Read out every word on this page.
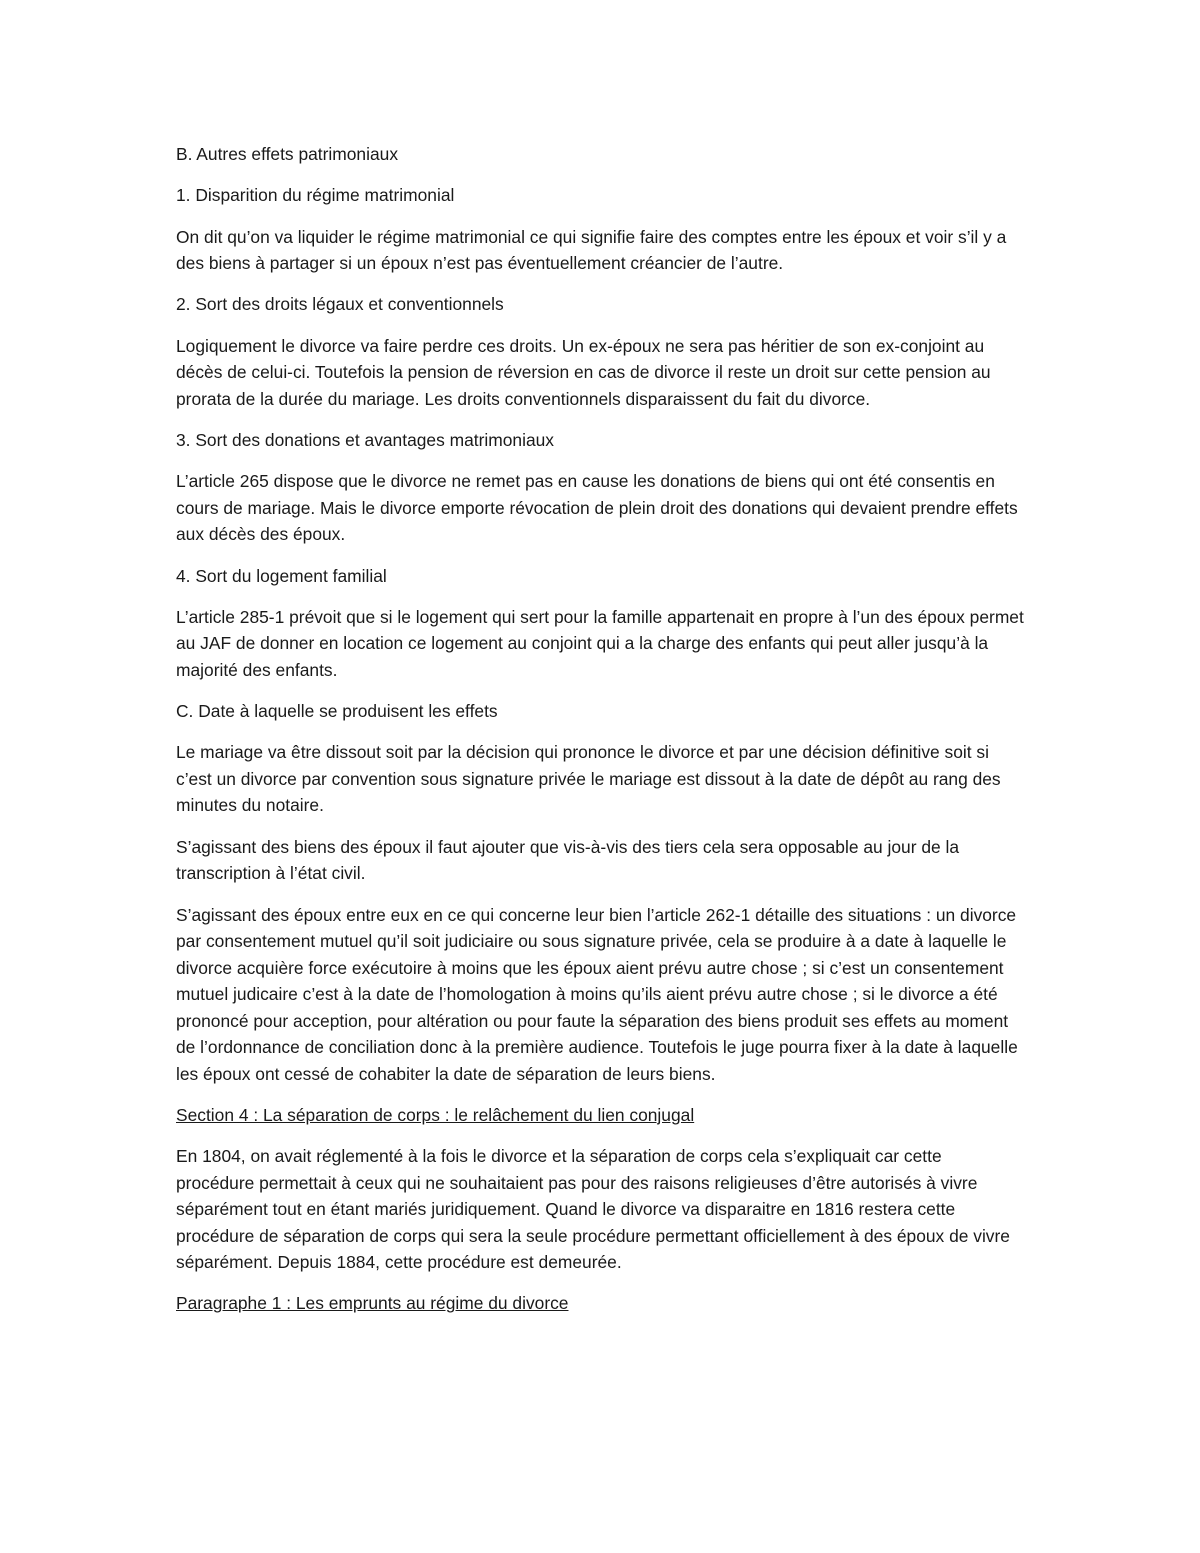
B. Autres effets patrimoniaux

1. Disparition du régime matrimonial

On dit qu’on va liquider le régime matrimonial ce qui signifie faire des comptes entre les époux et voir s’il y a des biens à partager si un époux n’est pas éventuellement créancier de l’autre.

2. Sort des droits légaux et conventionnels

Logiquement le divorce va faire perdre ces droits. Un ex-époux ne sera pas héritier de son ex-conjoint au décès de celui-ci. Toutefois la pension de réversion en cas de divorce il reste un droit sur cette pension au prorata de la durée du mariage. Les droits conventionnels disparaissent du fait du divorce.

3. Sort des donations et avantages matrimoniaux

L’article 265 dispose que le divorce ne remet pas en cause les donations de biens qui ont été consentis en cours de mariage. Mais le divorce emporte révocation de plein droit des donations qui devaient prendre effets aux décès des époux.

4. Sort du logement familial

L’article 285-1 prévoit que si le logement qui sert pour la famille appartenait en propre à l’un des époux permet au JAF de donner en location ce logement au conjoint qui a la charge des enfants qui peut aller jusqu’à la majorité des enfants.

C. Date à laquelle se produisent les effets

Le mariage va être dissout soit par la décision qui prononce le divorce et par une décision définitive soit si c’est un divorce par convention sous signature privée le mariage est dissout à la date de dépôt au rang des minutes du notaire.

S’agissant des biens des époux il faut ajouter que vis-à-vis des tiers cela sera opposable au jour de la transcription à l’état civil.

S’agissant des époux entre eux en ce qui concerne leur bien l’article 262-1 détaille des situations : un divorce par consentement mutuel qu’il soit judiciaire ou sous signature privée, cela se produire à a date à laquelle le divorce acquière force exécutoire à moins que les époux aient prévu autre chose ; si c’est un consentement mutuel judicaire c’est à la date de l’homologation à moins qu’ils aient prévu autre chose ; si le divorce a été prononcé pour acception, pour altération ou pour faute la séparation des biens produit ses effets au moment de l’ordonnance de conciliation donc à la première audience. Toutefois le juge pourra fixer à la date à laquelle les époux ont cessé de cohabiter la date de séparation de leurs biens.

Section 4 : La séparation de corps : le relâchement du lien conjugal

En 1804, on avait réglementé à la fois le divorce et la séparation de corps cela s’expliquait car cette procédure permettait à ceux qui ne souhaitaient pas pour des raisons religieuses d’être autorisés à vivre séparément tout en étant mariés juridiquement. Quand le divorce va disparaitre en 1816 restera cette procédure de séparation de corps qui sera la seule procédure permettant officiellement à des époux de vivre séparément. Depuis 1884, cette procédure est demeurée.

Paragraphe 1 : Les emprunts au régime du divorce
